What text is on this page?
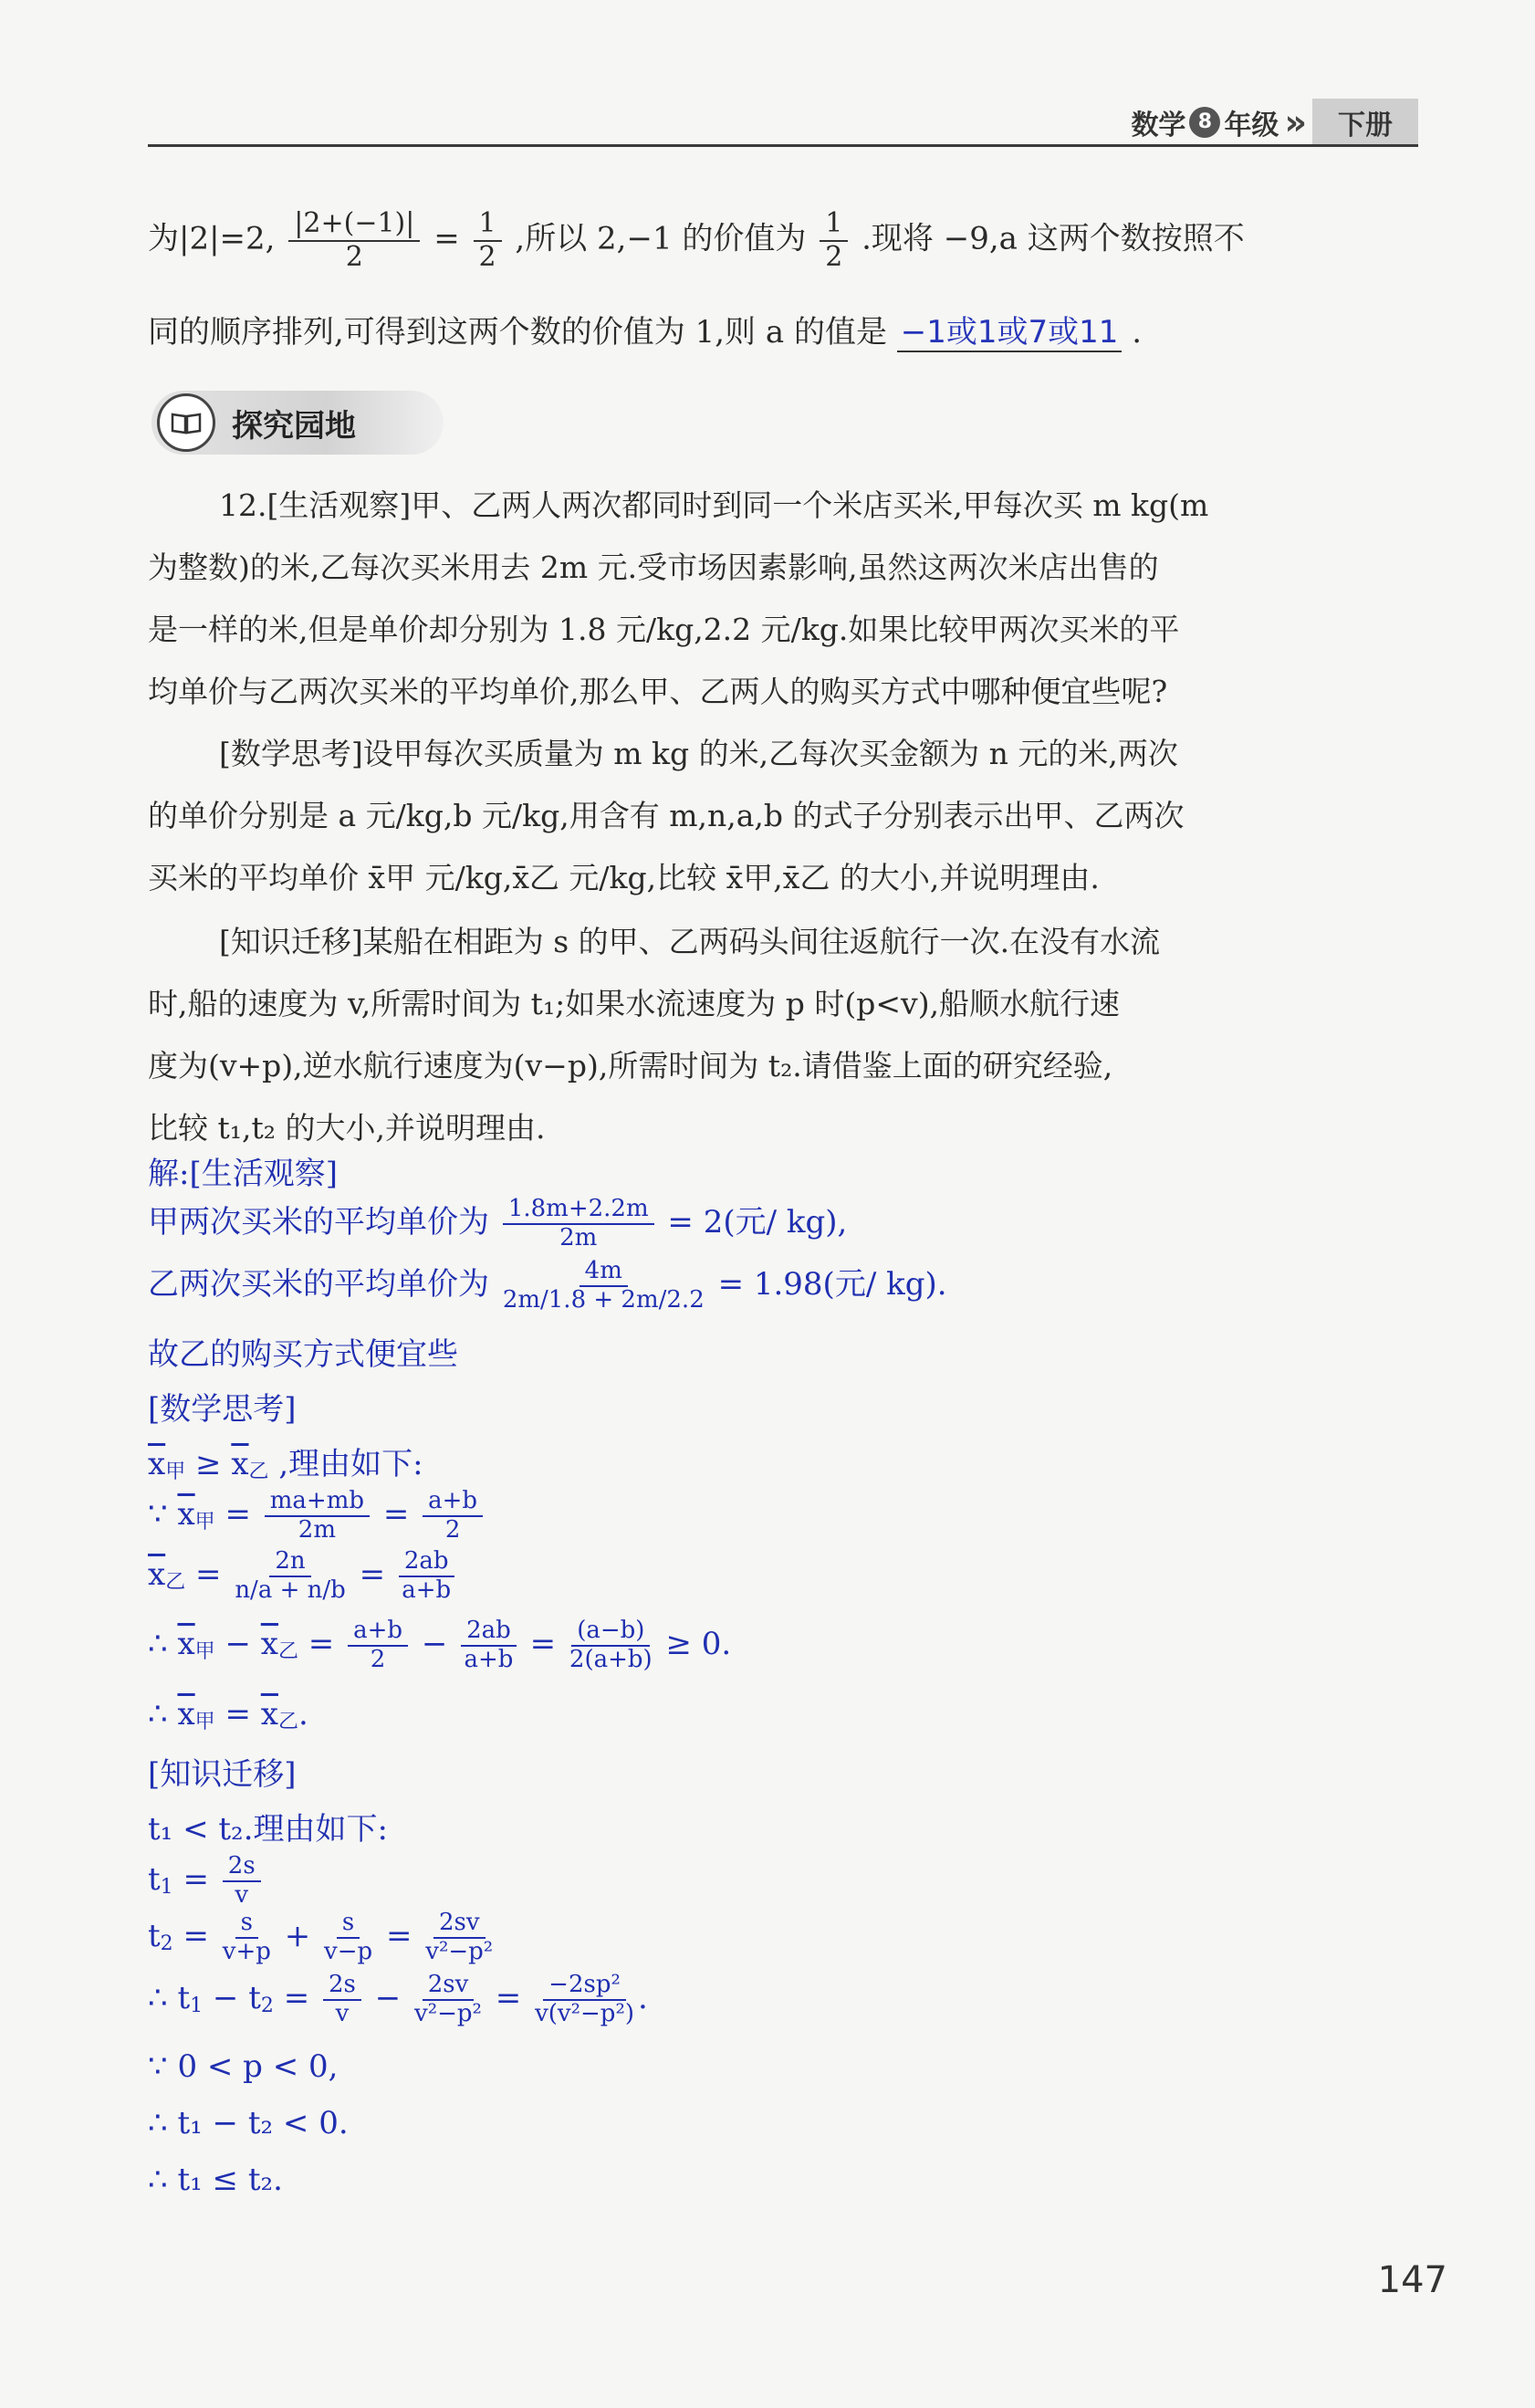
数学 8 年级 »	下册
为|2|=2, $\frac{|2+(-1)|}{2} = \frac{1}{2}$ ,所以 2,−1 的价值为 $\frac{1}{2}$ .现将 −9,a 这两个数按照不
同的顺序排列,可得到这两个数的价值为 1,则 a 的值是 −1或1或7或11 .
探究园地
12.[生活观察]甲、乙两人两次都同时到同一个米店买米,甲每次买 m kg(m
为整数)的米,乙每次买米用去 2m 元.受市场因素影响,虽然这两次米店出售的
是一样的米,但是单价却分别为 1.8 元/kg,2.2 元/kg.如果比较甲两次买米的平
均单价与乙两次买米的平均单价,那么甲、乙两人的购买方式中哪种便宜些呢?
[数学思考]设甲每次买质量为 m kg 的米,乙每次买金额为 n 元的米,两次
的单价分别是 a 元/kg,b 元/kg,用含有 m,n,a,b 的式子分别表示出甲、乙两次
买米的平均单价 x̄甲 元/kg,x̄乙 元/kg,比较 x̄甲,x̄乙 的大小,并说明理由.
[知识迁移]某船在相距为 s 的甲、乙两码头间往返航行一次.在没有水流
时,船的速度为 v,所需时间为 t₁;如果水流速度为 p 时(p<v),船顺水航行速
度为(v+p),逆水航行速度为(v−p),所需时间为 t₂.请借鉴上面的研究经验,
比较 t₁,t₂ 的大小,并说明理由.
解:[生活观察]
甲两次买米的平均单价为 $\frac{1.8m+2.2m}{2m} = 2$(元/ kg),
乙两次买米的平均单价为 $\frac{4m}{2m/1.8 + 2m/2.2} = 1.98$(元/ kg).
故乙的购买方式便宜些
[数学思考]
$\overline{x}$甲 ≥ $\overline{x}$乙 ,理由如下:
∵ $\overline{x}$甲 = $\frac{ma+mb}{2m} = \frac{a+b}{2}$
$\overline{x}$乙 = $\frac{2n}{n/a + n/b} = \frac{2ab}{a+b}$
∴ $\overline{x}$甲 − $\overline{x}$乙 = $\frac{a+b}{2} - \frac{2ab}{a+b} = \frac{(a-b)}{2(a+b)} \ge 0$.
∴ $\overline{x}$甲 = $\overline{x}$乙.
[知识迁移]
t₁ < t₂.理由如下:
$t1 = \frac{2s}{v}$
$t2 = \frac{s}{v+p} + \frac{s}{v-p} = \frac{2sv}{\text{v²−p²}}$
∴ $t1 - t2 = \frac{2s}{v} - \frac{2sv}{\text{v²−p²}} = \frac{\text{−2sp²}}{\text{v(v²−p²)}}$ .
∵ 0 < p < 0,
∴ t₁ − t₂ < 0.
∴ t₁ ≤ t₂.
147
